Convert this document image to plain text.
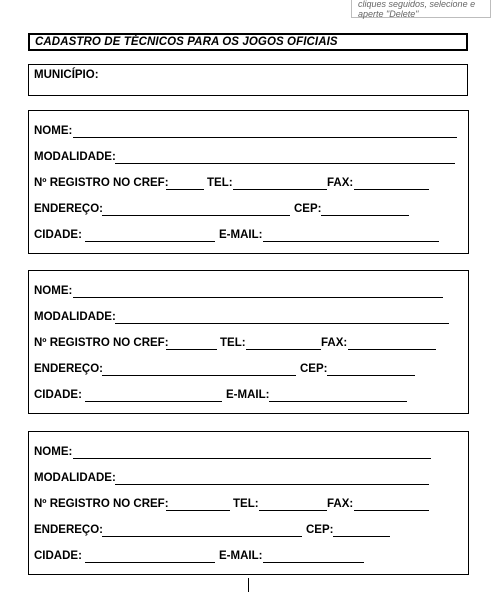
cliques seguidos, selecione e aperte "Delete"
CADASTRO DE TÉCNICOS PARA OS JOGOS OFICIAIS
MUNICÍPIO:
NOME:
MODALIDADE:
Nº REGISTRO NO CREF:	TEL:	FAX:
ENDEREÇO:	CEP:
CIDADE:	E-MAIL:
NOME:
MODALIDADE:
Nº REGISTRO NO CREF:	TEL:	FAX:
ENDEREÇO:	CEP:
CIDADE:	E-MAIL:
NOME:
MODALIDADE:
Nº REGISTRO NO CREF:	TEL:	FAX:
ENDEREÇO:	CEP:
CIDADE:	E-MAIL:
